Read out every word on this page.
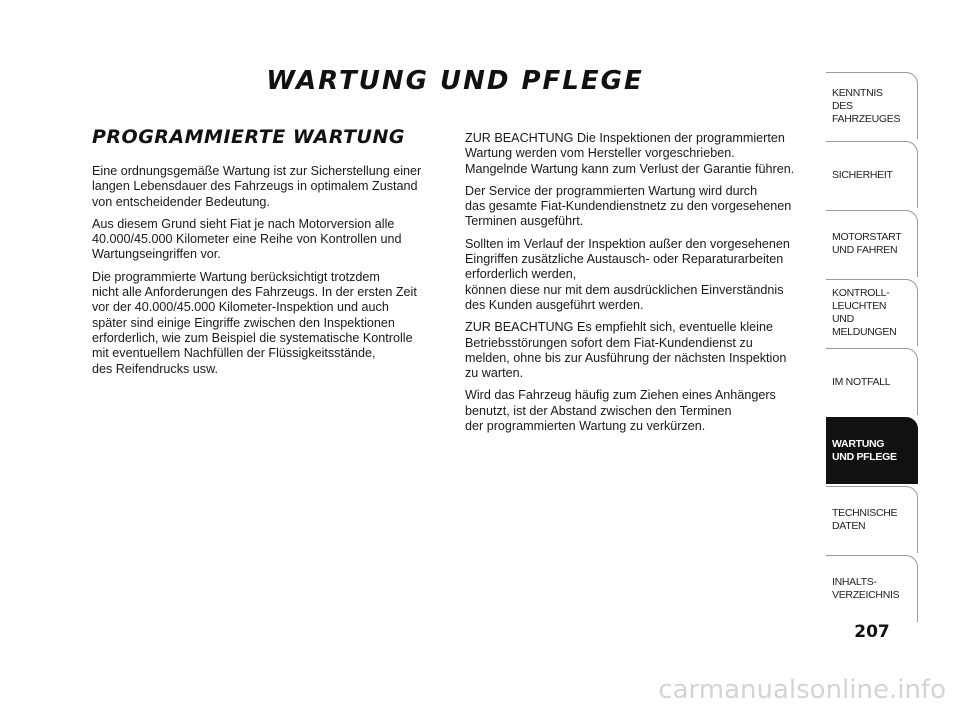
WARTUNG UND PFLEGE
PROGRAMMIERTE WARTUNG

Eine ordnungsgemäße Wartung ist zur Sicherstellung einer
langen Lebensdauer des Fahrzeugs in optimalem Zustand
von entscheidender Bedeutung.

Aus diesem Grund sieht Fiat je nach Motorversion alle
40.000/45.000 Kilometer eine Reihe von Kontrollen und
Wartungseingriffen vor.

Die programmierte Wartung berücksichtigt trotzdem
nicht alle Anforderungen des Fahrzeugs. In der ersten Zeit
vor der 40.000/45.000 Kilometer-Inspektion und auch
später sind einige Eingriffe zwischen den Inspektionen
erforderlich, wie zum Beispiel die systematische Kontrolle
mit eventuellem Nachfüllen der Flüssigkeitsstände,
des Reifendrucks usw.

ZUR BEACHTUNG Die Inspektionen der programmierten
Wartung werden vom Hersteller vorgeschrieben.
Mangelnde Wartung kann zum Verlust der Garantie führen.

Der Service der programmierten Wartung wird durch
das gesamte Fiat-Kundendienstnetz zu den vorgesehenen
Terminen ausgeführt.

Sollten im Verlauf der Inspektion außer den vorgesehenen
Eingriffen zusätzliche Austausch- oder Reparaturarbeiten
erforderlich werden,
können diese nur mit dem ausdrücklichen Einverständnis
des Kunden ausgeführt werden.

ZUR BEACHTUNG Es empfiehlt sich, eventuelle kleine
Betriebsstörungen sofort dem Fiat-Kundendienst zu
melden, ohne bis zur Ausführung der nächsten Inspektion
zu warten.

Wird das Fahrzeug häufig zum Ziehen eines Anhängers
benutzt, ist der Abstand zwischen den Terminen
der programmierten Wartung zu verkürzen.

KENNTNIS
DES FAHRZEUGES
SICHERHEIT
MOTORSTART
UND FAHREN
KONTROLL-
LEUCHTEN
UND MELDUNGEN
IM NOTFALL
WARTUNG
UND PFLEGE
TECHNISCHE
DATEN
INHALTS-
VERZEICHNIS
207
carmanualsonline.info
